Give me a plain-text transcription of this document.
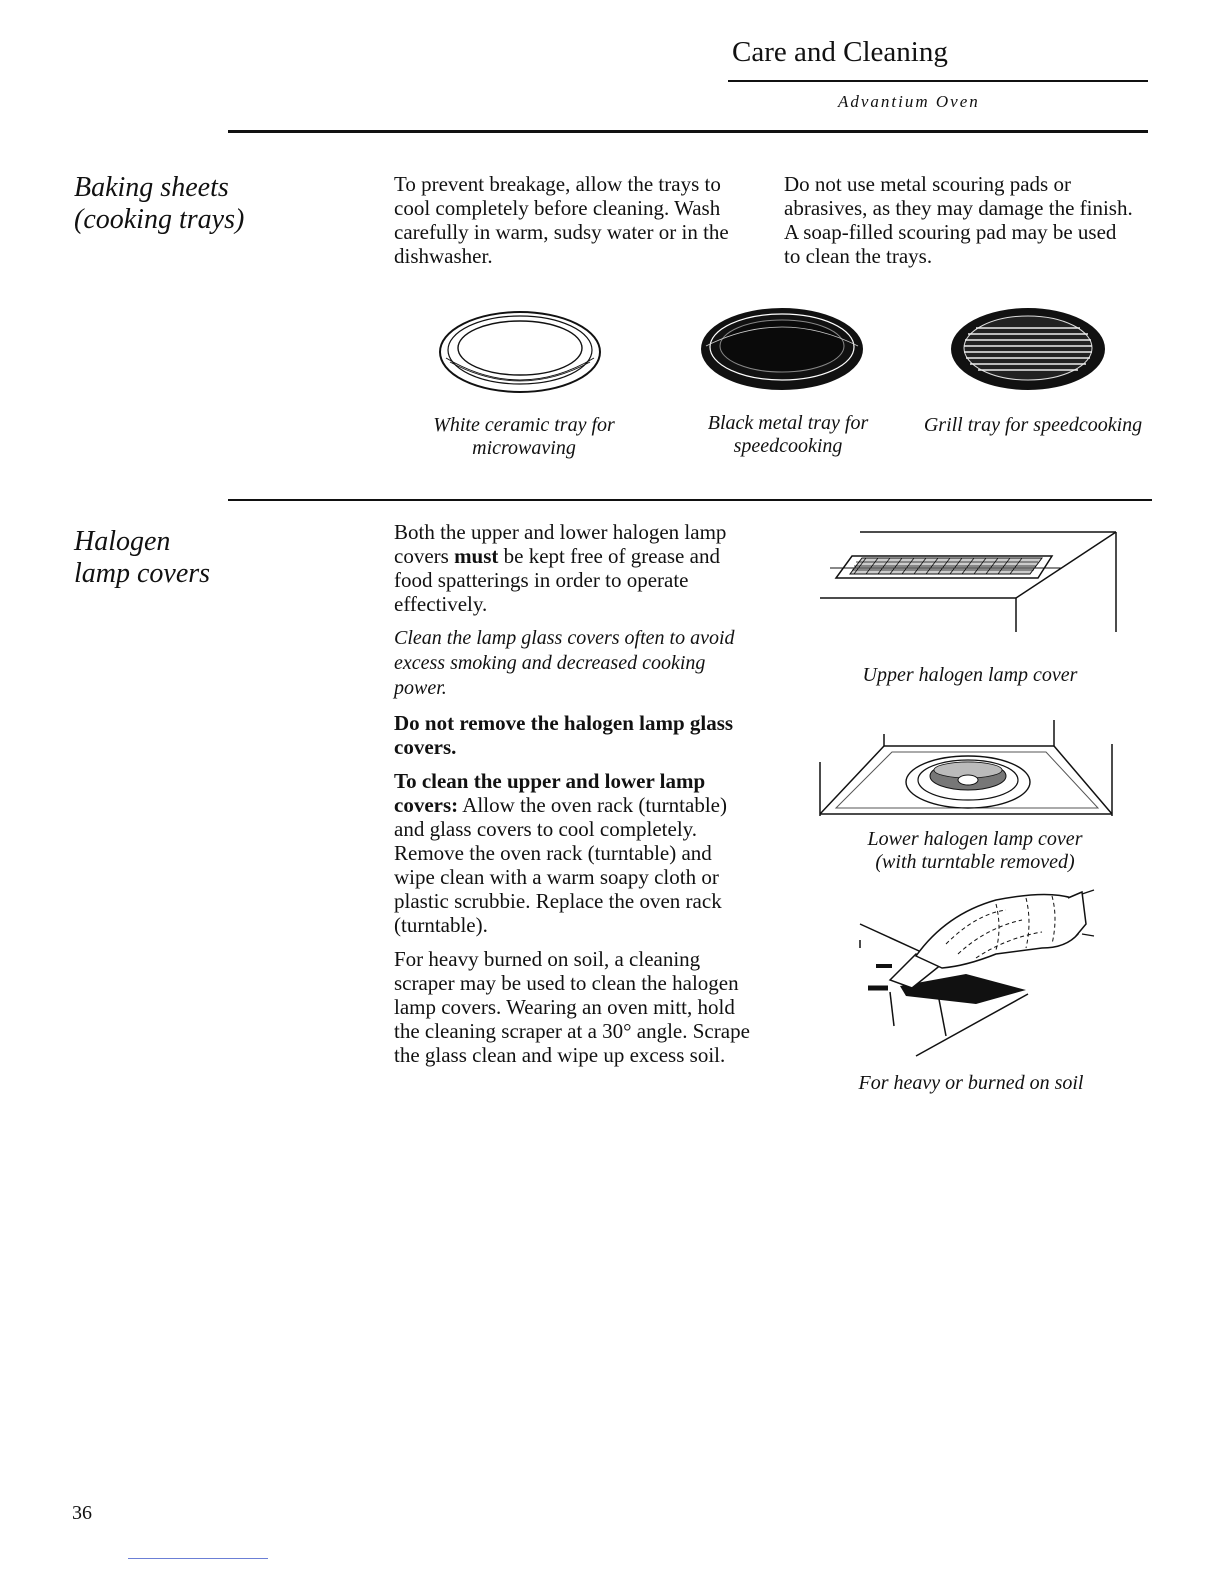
Care and Cleaning
Advantium Oven
Baking sheets
(cooking trays)
To prevent breakage, allow the trays to cool completely before cleaning. Wash carefully in warm, sudsy water or in the dishwasher.
Do not use metal scouring pads or abrasives, as they may damage the finish. A soap-filled scouring pad may be used to clean the trays.
White ceramic tray for microwaving
Black metal tray for speedcooking
Grill tray for speedcooking
Halogen
lamp covers

Both the upper and lower halogen lamp covers must be kept free of grease and food spatterings in order to operate effectively.

Clean the lamp glass covers often to avoid excess smoking and decreased cooking power.

Do not remove the halogen lamp glass covers.

To clean the upper and lower lamp covers: Allow the oven rack (turntable) and glass covers to cool completely. Remove the oven rack (turntable) and wipe clean with a warm soapy cloth or plastic scrubbie. Replace the oven rack (turntable).

For heavy burned on soil, a cleaning scraper may be used to clean the halogen lamp covers. Wearing an oven mitt, hold the cleaning scraper at a 30° angle. Scrape the glass clean and wipe up excess soil.

Upper halogen lamp cover
Lower halogen lamp cover
(with turntable removed)
For heavy or burned on soil
36
